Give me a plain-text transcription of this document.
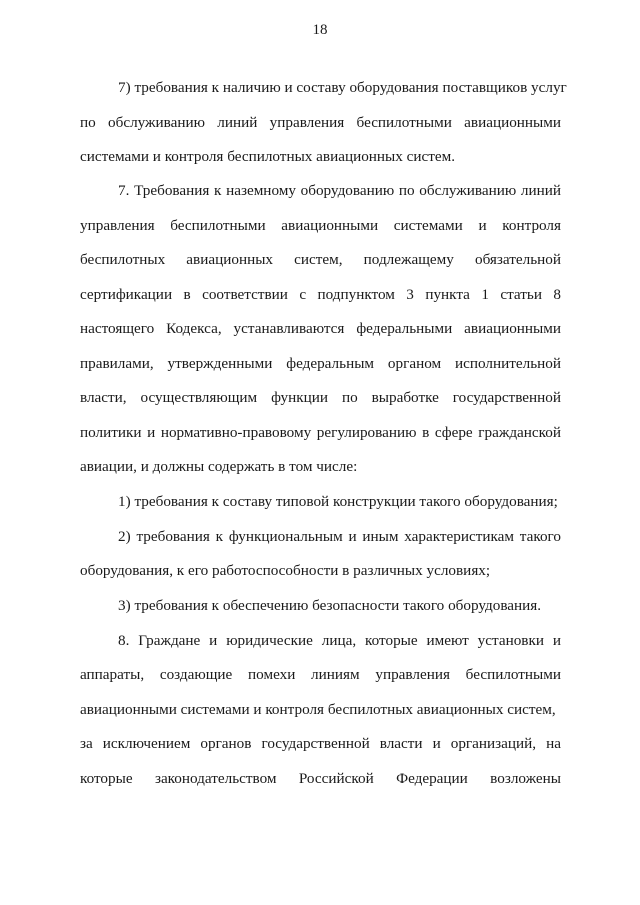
18
7) требования к наличию и составу оборудования поставщиков услуг
по обслуживанию линий управления беспилотными авиационными
системами и контроля беспилотных авиационных систем.
7. Требования к наземному оборудованию по обслуживанию линий
управления беспилотными авиационными системами и контроля
беспилотных авиационных систем, подлежащему обязательной
сертификации в соответствии с подпунктом 3 пункта 1 статьи 8
настоящего Кодекса, устанавливаются федеральными авиационными
правилами, утвержденными федеральным органом исполнительной
власти, осуществляющим функции по выработке государственной
политики и нормативно-правовому регулированию в сфере гражданской
авиации, и должны содержать в том числе:
1) требования к составу типовой конструкции такого оборудования;
2) требования к функциональным и иным характеристикам такого
оборудования, к его работоспособности в различных условиях;
3) требования к обеспечению безопасности такого оборудования.
8. Граждане и юридические лица, которые имеют установки и
аппараты, создающие помехи линиям управления беспилотными
авиационными системами и контроля беспилотных авиационных систем,
за исключением органов государственной власти и организаций, на
которые законодательством Российской Федерации возложены
